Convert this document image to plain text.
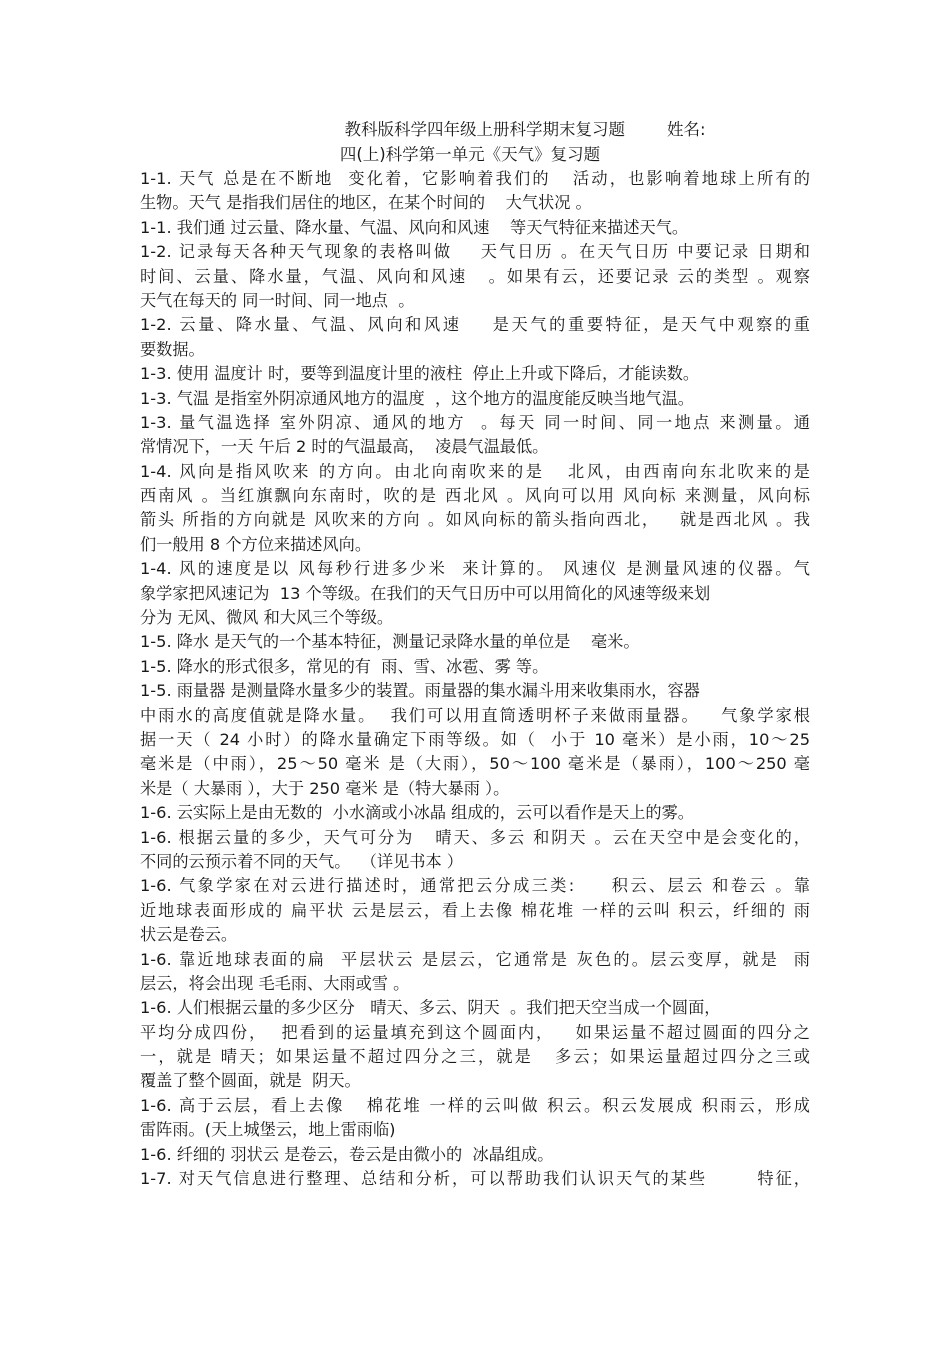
教科版科学四年级上册科学期末复习题        姓名:
四(上)科学第一单元《天气》复习题
1-1. 天气 总是在不断地  变化着，它影响着我们的   活动，也影响着地球上所有的
生物。天气 是指我们居住的地区，在某个时间的    大气状况 。
1-1. 我们通 过云量、降水量、气温、风向和风速    等天气特征来描述天气。
1-2. 记录每天各种天气现象的表格叫做    天气日历 。在天气日历 中要记录 日期和
时间、云量、降水量，气温、风向和风速   。如果有云，还要记录 云的类型 。观察
天气在每天的 同一时间、同一地点  。
1-2. 云量、降水量、气温、风向和风速    是天气的重要特征，是天气中观察的重
要数据。
1-3. 使用 温度计 时，要等到温度计里的液柱  停止上升或下降后，才能读数。
1-3. 气温 是指室外阴凉通风地方的温度  ，这个地方的温度能反映当地气温。
1-3. 量气温选择 室外阴凉、通风的地方  。每天 同一时间、同一地点 来测量。通
常情况下，一天 午后 2 时的气温最高，  凌晨气温最低。
1-4. 风向是指风吹来 的方向。由北向南吹来的是   北风，由西南向东北吹来的是
西南风 。当红旗飘向东南时，吹的是 西北风 。风向可以用 风向标 来测量，风向标
箭头 所指的方向就是 风吹来的方向 。如风向标的箭头指向西北，   就是西北风 。我
们一般用 8 个方位来描述风向。
1-4. 风的速度是以 风每秒行进多少米  来计算的。 风速仪 是测量风速的仪器。气
象学家把风速记为  13 个等级。在我们的天气日历中可以用简化的风速等级来划
分为 无风、微风 和大风三个等级。
1-5. 降水 是天气的一个基本特征，测量记录降水量的单位是    毫米。
1-5. 降水的形式很多，常见的有  雨、雪、冰雹、雾 等。
1-5. 雨量器 是测量降水量多少的装置。雨量器的集水漏斗用来收集雨水，容器
中雨水的高度值就是降水量。  我们可以用直筒透明杯子来做雨量器。   气象学家根
据一天（ 24 小时）的降水量确定下雨等级。如（  小于 10 毫米）是小雨，10～25
毫米是（中雨），25～50 毫米 是（大雨），50～100 毫米是（暴雨），100～250 毫
米是（ 大暴雨 ），大于 250 毫米 是（特大暴雨 ）。
1-6. 云实际上是由无数的  小水滴或小冰晶 组成的，云可以看作是天上的雾。
1-6. 根据云量的多少，天气可分为   晴天、多云 和阴天 。云在天空中是会变化的，
不同的云预示着不同的天气。  （详见书本 ）
1-6. 气象学家在对云进行描述时，通常把云分成三类:     积云、层云 和卷云 。靠
近地球表面形成的 扁平状 云是层云，看上去像 棉花堆 一样的云叫 积云，纤细的 雨
状云是卷云。
1-6. 靠近地球表面的扁  平层状云 是层云，它通常是 灰色的。层云变厚，就是  雨
层云，将会出现 毛毛雨、大雨或雪 。
1-6. 人们根据云量的多少区分   晴天、多云、阴天  。我们把天空当成一个圆面，
平均分成四份，  把看到的运量填充到这个圆面内，   如果运量不超过圆面的四分之
一，就是 晴天；如果运量不超过四分之三，就是   多云；如果运量超过四分之三或
覆盖了整个圆面，就是  阴天。
1-6. 高于云层，看上去像   棉花堆 一样的云叫做 积云。积云发展成 积雨云，形成
雷阵雨。(天上城堡云，地上雷雨临)
1-6. 纤细的 羽状云 是卷云，卷云是由微小的  冰晶组成。
1-7. 对天气信息进行整理、总结和分析，可以帮助我们认识天气的某些       特征，
